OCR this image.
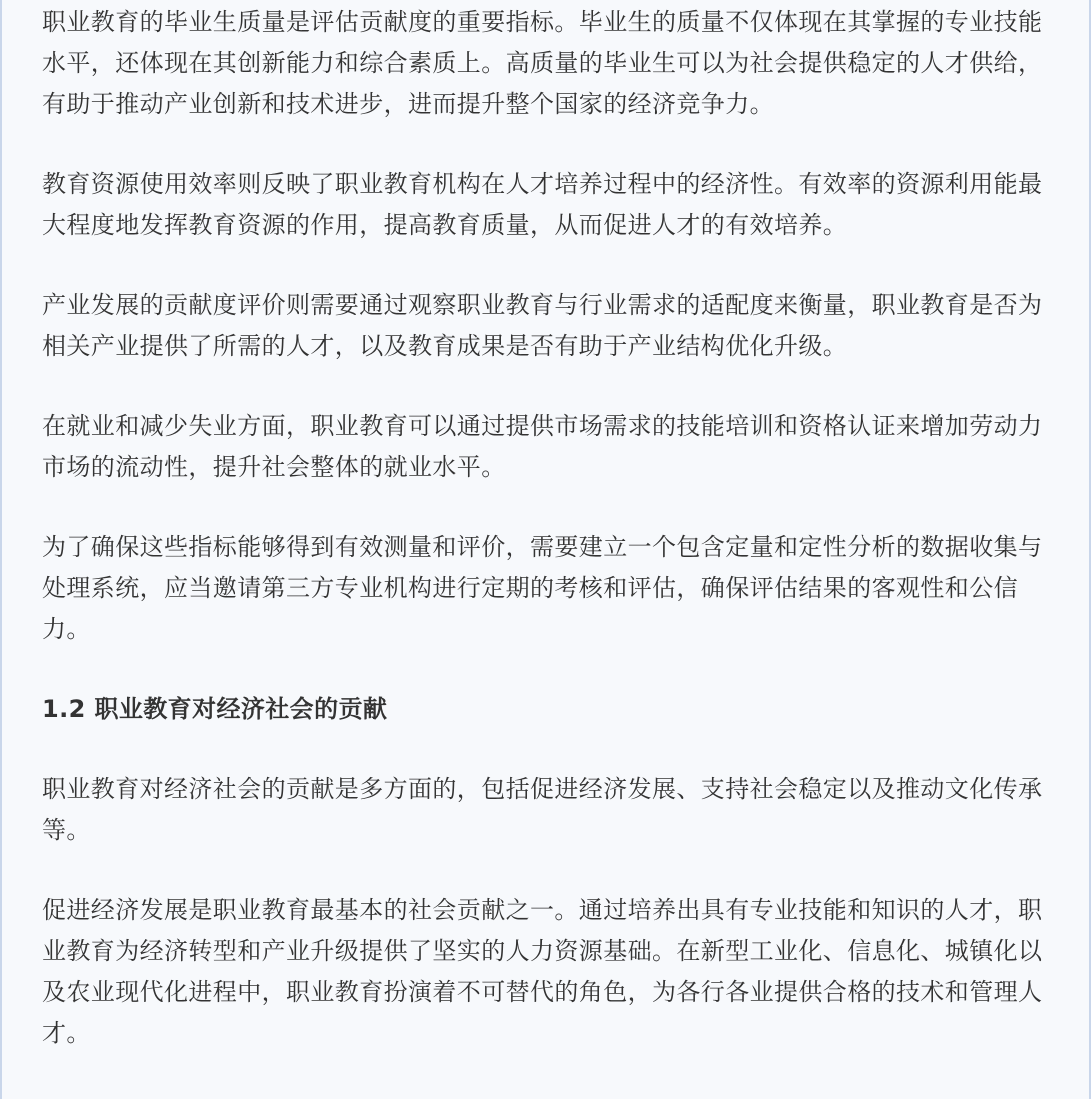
职业教育的毕业生质量是评估贡献度的重要指标。毕业生的质量不仅体现在其掌握的专业技能水平，还体现在其创新能力和综合素质上。高质量的毕业生可以为社会提供稳定的人才供给，有助于推动产业创新和技术进步，进而提升整个国家的经济竞争力。

教育资源使用效率则反映了职业教育机构在人才培养过程中的经济性。有效率的资源利用能最大程度地发挥教育资源的作用，提高教育质量，从而促进人才的有效培养。

产业发展的贡献度评价则需要通过观察职业教育与行业需求的适配度来衡量，职业教育是否为相关产业提供了所需的人才，以及教育成果是否有助于产业结构优化升级。

在就业和减少失业方面，职业教育可以通过提供市场需求的技能培训和资格认证来增加劳动力市场的流动性，提升社会整体的就业水平。

为了确保这些指标能够得到有效测量和评价，需要建立一个包含定量和定性分析的数据收集与处理系统，应当邀请第三方专业机构进行定期的考核和评估，确保评估结果的客观性和公信力。

1.2 职业教育对经济社会的贡献

职业教育对经济社会的贡献是多方面的，包括促进经济发展、支持社会稳定以及推动文化传承等。

促进经济发展是职业教育最基本的社会贡献之一。通过培养出具有专业技能和知识的人才，职业教育为经济转型和产业升级提供了坚实的人力资源基础。在新型工业化、信息化、城镇化以及农业现代化进程中，职业教育扮演着不可替代的角色，为各行各业提供合格的技术和管理人才。
